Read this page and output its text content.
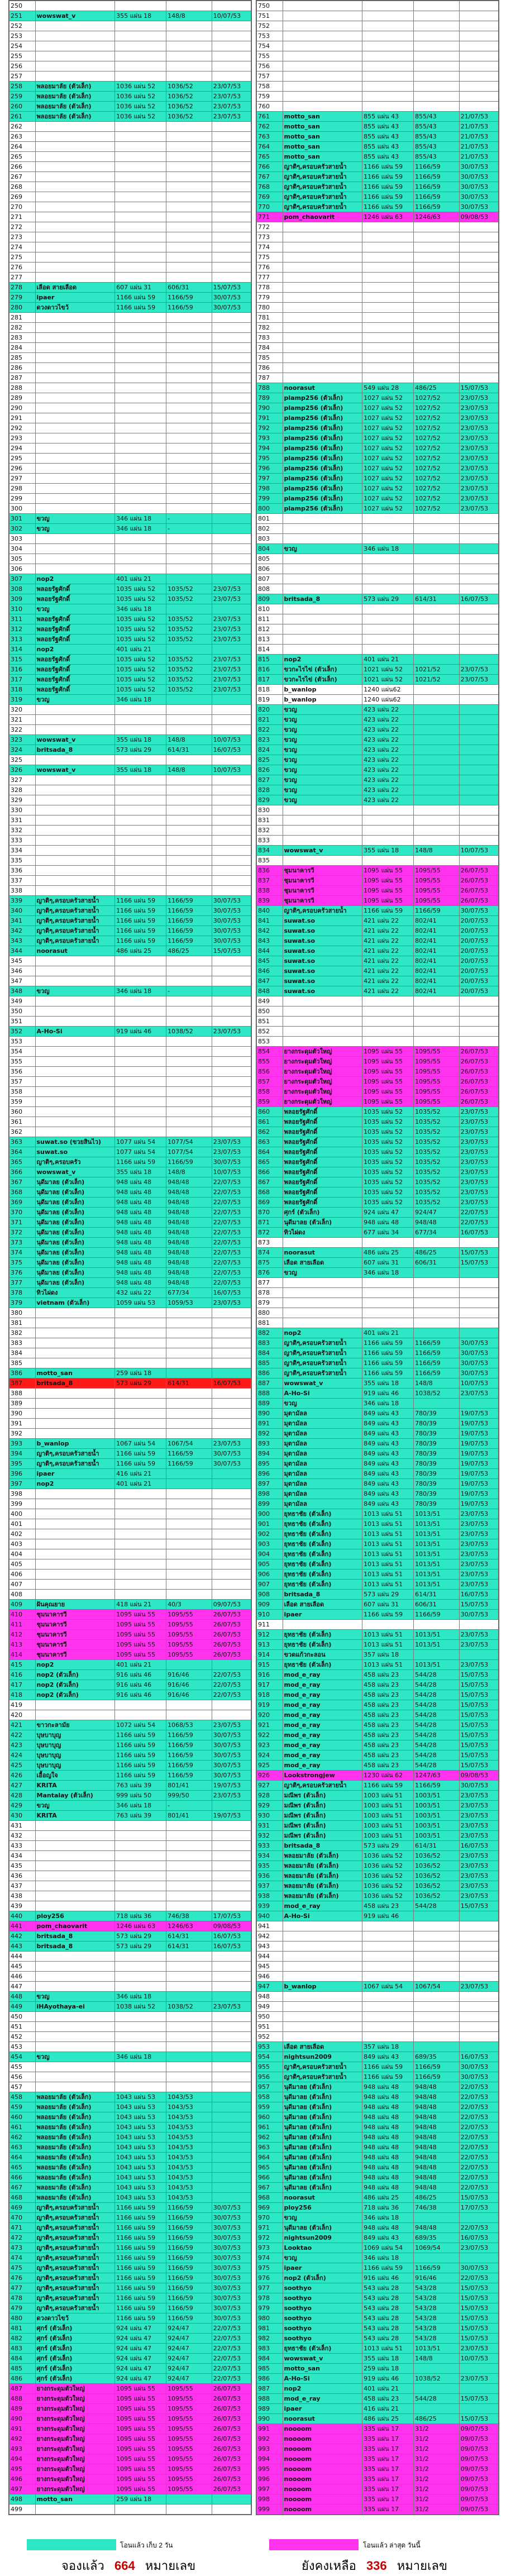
250				
251	wowswat_v	355 แผ่น 18	148/8	10/07/53
252				
253				
254				
255				
256				
257				
258	พลอยมาลัย (ตัวเล็ก)	1036 แผ่น 52	1036/52	23/07/53
259	พลอยมาลัย (ตัวเล็ก)	1036 แผ่น 52	1036/52	23/07/53
260	พลอยมาลัย (ตัวเล็ก)	1036 แผ่น 52	1036/52	23/07/53
261	พลอยมาลัย (ตัวเล็ก)	1036 แผ่น 52	1036/52	23/07/53
262				
263				
264				
265				
266				
267				
268				
269				
270				
271				
272				
273				
274				
275				
276				
277				
278	เลือด สายเลือด	607 แผ่น 31	606/31	15/07/53
279	ipaer	1166 แผ่น 59	1166/59	30/07/53
280	ดวงดาวไขว้	1166 แผ่น 59	1166/59	30/07/53
281				
282				
283				
284				
285				
286				
287				
288				
289				
290				
291				
292				
293				
294				
295				
296				
297				
298				
299				
300				
301	ขวญ	346 แผ่น 18	-	
302	ขวญ	346 แผ่น 18	-	
303				
304				
305				
306				
307	nop2	401 แผ่น 21		
308	พลอยรัฐศักดิ์	1035 แผ่น 52	1035/52	23/07/53
309	พลอยรัฐศักดิ์	1035 แผ่น 52	1035/52	23/07/53
310	ขวญ	346 แผ่น 18		
311	พลอยรัฐศักดิ์	1035 แผ่น 52	1035/52	23/07/53
312	พลอยรัฐศักดิ์	1035 แผ่น 52	1035/52	23/07/53
313	พลอยรัฐศักดิ์	1035 แผ่น 52	1035/52	23/07/53
314	nop2	401 แผ่น 21		
315	พลอยรัฐศักดิ์	1035 แผ่น 52	1035/52	23/07/53
316	พลอยรัฐศักดิ์	1035 แผ่น 52	1035/52	23/07/53
317	พลอยรัฐศักดิ์	1035 แผ่น 52	1035/52	23/07/53
318	พลอยรัฐศักดิ์	1035 แผ่น 52	1035/52	23/07/53
319	ขวญ	346 แผ่น 18		
320				
321				
322				
323	wowswat_v	355 แผ่น 18	148/8	10/07/53
324	britsada_8	573 แผ่น 29	614/31	16/07/53
325				
326	wowswat_v	355 แผ่น 18	148/8	10/07/53
327				
328				
329				
330				
331				
332				
333				
334				
335				
336				
337				
338				
339	ญาติๆ,ครอบครัวสายน้ำ	1166 แผ่น 59	1166/59	30/07/53
340	ญาติๆ,ครอบครัวสายน้ำ	1166 แผ่น 59	1166/59	30/07/53
341	ญาติๆ,ครอบครัวสายน้ำ	1166 แผ่น 59	1166/59	30/07/53
342	ญาติๆ,ครอบครัวสายน้ำ	1166 แผ่น 59	1166/59	30/07/53
343	ญาติๆ,ครอบครัวสายน้ำ	1166 แผ่น 59	1166/59	30/07/53
344	noorasut	486 แผ่น 25	486/25	15/07/53
345				
346				
347				
348	ขวญ	346 แผ่น 18	-	
349				
350				
351				
352	A-Ho-Si	919 แผ่น 46	1038/52	23/07/53
353				
354				
355				
356				
357				
358				
359				
360				
361				
362				
363	suwat.so (ขวยสินไว)	1077 แผ่น 54	1077/54	23/07/53
364	suwat.so	1077 แผ่น 54	1077/54	23/07/53
365	ญาติๆ,ครอบครัว	1166 แผ่น 59	1166/59	30/07/53
366	wowswat_v	355 แผ่น 18	148/8	10/07/53
367	นุดีมาลย (ตัวเล็ก)	948 แผ่น 48	948/48	22/07/53
368	นุดีมาลย (ตัวเล็ก)	948 แผ่น 48	948/48	22/07/53
369	นุดีมาลย (ตัวเล็ก)	948 แผ่น 48	948/48	22/07/53
370	นุดีมาลย (ตัวเล็ก)	948 แผ่น 48	948/48	22/07/53
371	นุดีมาลย (ตัวเล็ก)	948 แผ่น 48	948/48	22/07/53
372	นุดีมาลย (ตัวเล็ก)	948 แผ่น 48	948/48	22/07/53
373	นุดีมาลย (ตัวเล็ก)	948 แผ่น 48	948/48	22/07/53
374	นุดีมาลย (ตัวเล็ก)	948 แผ่น 48	948/48	22/07/53
375	นุดีมาลย (ตัวเล็ก)	948 แผ่น 48	948/48	22/07/53
376	นุดีมาลย (ตัวเล็ก)	948 แผ่น 48	948/48	22/07/53
377	นุดีมาลย (ตัวเล็ก)	948 แผ่น 48	948/48	22/07/53
378	ทิวไผ่ดง	432 แผ่น 22	677/34	16/07/53
379	vietnam (ตัวเล็ก)	1059 แผ่น 53	1059/53	23/07/53
380				
381				
382				
383				
384				
385				
386	motto_san	259 แผ่น 18		
387	britsada_8	573 แผ่น 29	614/31	16/07/53
388				
389				
390				
391				
392				
393	b_wanlop	1067 แผ่น 54	1067/54	23/07/53
394	ญาติๆ,ครอบครัวสายน้ำ	1166 แผ่น 59	1166/59	30/07/53
395	ญาติๆ,ครอบครัวสายน้ำ	1166 แผ่น 59	1166/59	30/07/53
396	ipaer	416 แผ่น 21		
397	nop2	401 แผ่น 21		
398				
399				
400				
401				
402				
403				
404				
405				
406				
407				
408				
409	ฝันคุณยาย	418 แผ่น 21	40/3	09/07/53
410	ชุมนาคารวี	1095 แผ่น 55	1095/55	26/07/53
411	ชุมนาคารวี	1095 แผ่น 55	1095/55	26/07/53
412	ชุมนาคารวี	1095 แผ่น 55	1095/55	26/07/53
413	ชุมนาคารวี	1095 แผ่น 55	1095/55	26/07/53
414	ชุมนาคารวี	1095 แผ่น 55	1095/55	26/07/53
415	nop2	401 แผ่น 21		
416	nop2 (ตัวเล็ก)	916 แผ่น 46	916/46	22/07/53
417	nop2 (ตัวเล็ก)	916 แผ่น 46	916/46	22/07/53
418	nop2 (ตัวเล็ก)	916 แผ่น 46	916/46	22/07/53
419				
420				
421	ขาวกะลามัย	1072 แผ่น 54	1068/53	23/07/53
422	บุษบาบุญ	1166 แผ่น 59	1166/59	30/07/53
423	บุษบาบุญ	1166 แผ่น 59	1166/59	30/07/53
424	บุษบาบุญ	1166 แผ่น 59	1166/59	30/07/53
425	บุษบาบุญ	1166 แผ่น 59	1166/59	30/07/53
426	เอื้อญใจ	1166 แผ่น 59	1166/59	30/07/53
427	KRITA	763 แผ่น 39	801/41	19/07/53
428	Mantalay (ตัวเล็ก)	999 แผ่น 50	999/50	23/07/53
429	ขวญ	346 แผ่น 18	-	
430	KRITA	763 แผ่น 39	801/41	19/07/53
431				
432				
433				
434				
435				
436				
437				
438				
439				
440	ploy256	718 แผ่น 36	746/38	17/07/53
441	pom_chaovarit	1246 แผ่น 63	1246/63	09/08/53
442	britsada_8	573 แผ่น 29	614/31	16/07/53
443	britsada_8	573 แผ่น 29	614/31	16/07/53
444				
445				
446				
447				
448	ขวญ	346 แผ่น 18		
449	iHAyothaya-ei	1038 แผ่น 52	1038/52	23/07/53
450				
451				
452				
453				
454	ขวญ	346 แผ่น 18		
455				
456				
457				
458	พลอยมาลัย (ตัวเล็ก)	1043 แผ่น 53	1043/53	
459	พลอยมาลัย (ตัวเล็ก)	1043 แผ่น 53	1043/53	
460	พลอยมาลัย (ตัวเล็ก)	1043 แผ่น 53	1043/53	
461	พลอยมาลัย (ตัวเล็ก)	1043 แผ่น 53	1043/53	
462	พลอยมาลัย (ตัวเล็ก)	1043 แผ่น 53	1043/53	
463	พลอยมาลัย (ตัวเล็ก)	1043 แผ่น 53	1043/53	
464	พลอยมาลัย (ตัวเล็ก)	1043 แผ่น 53	1043/53	
465	พลอยมาลัย (ตัวเล็ก)	1043 แผ่น 53	1043/53	
466	พลอยมาลัย (ตัวเล็ก)	1043 แผ่น 53	1043/53	
467	พลอยมาลัย (ตัวเล็ก)	1043 แผ่น 53	1043/53	
468	พลอยมาลัย (ตัวเล็ก)	1043 แผ่น 53	1043/53	
469	ญาติๆ,ครอบครัวสายน้ำ	1166 แผ่น 59	1166/59	30/07/53
470	ญาติๆ,ครอบครัวสายน้ำ	1166 แผ่น 59	1166/59	30/07/53
471	ญาติๆ,ครอบครัวสายน้ำ	1166 แผ่น 59	1166/59	30/07/53
472	ญาติๆ,ครอบครัวสายน้ำ	1166 แผ่น 59	1166/59	30/07/53
473	ญาติๆ,ครอบครัวสายน้ำ	1166 แผ่น 59	1166/59	30/07/53
474	ญาติๆ,ครอบครัวสายน้ำ	1166 แผ่น 59	1166/59	30/07/53
475	ญาติๆ,ครอบครัวสายน้ำ	1166 แผ่น 59	1166/59	30/07/53
476	ญาติๆ,ครอบครัวสายน้ำ	1166 แผ่น 59	1166/59	30/07/53
477	ญาติๆ,ครอบครัวสายน้ำ	1166 แผ่น 59	1166/59	30/07/53
478	ญาติๆ,ครอบครัวสายน้ำ	1166 แผ่น 59	1166/59	30/07/53
479	ญาติๆ,ครอบครัวสายน้ำ	1166 แผ่น 59	1166/59	30/07/53
480	ดวงดาวไขว้	1166 แผ่น 59	1166/59	30/07/53
481	ศุกร์ (ตัวเล็ก)	924 แผ่น 47	924/47	22/07/53
482	ศุกร์ (ตัวเล็ก)	924 แผ่น 47	924/47	22/07/53
483	ศุกร์ (ตัวเล็ก)	924 แผ่น 47	924/47	22/07/53
484	ศุกร์ (ตัวเล็ก)	924 แผ่น 47	924/47	22/07/53
485	ศุกร์ (ตัวเล็ก)	924 แผ่น 47	924/47	22/07/53
486	ศุกร์ (ตัวเล็ก)	924 แผ่น 47	924/47	22/07/53
487	ยางกระดุมตัวใหญ่	1095 แผ่น 55	1095/55	26/07/53
488	ยางกระดุมตัวใหญ่	1095 แผ่น 55	1095/55	26/07/53
489	ยางกระดุมตัวใหญ่	1095 แผ่น 55	1095/55	26/07/53
490	ยางกระดุมตัวใหญ่	1095 แผ่น 55	1095/55	26/07/53
491	ยางกระดุมตัวใหญ่	1095 แผ่น 55	1095/55	26/07/53
492	ยางกระดุมตัวใหญ่	1095 แผ่น 55	1095/55	26/07/53
493	ยางกระดุมตัวใหญ่	1095 แผ่น 55	1095/55	26/07/53
494	ยางกระดุมตัวใหญ่	1095 แผ่น 55	1095/55	26/07/53
495	ยางกระดุมตัวใหญ่	1095 แผ่น 55	1095/55	26/07/53
496	ยางกระดุมตัวใหญ่	1095 แผ่น 55	1095/55	26/07/53
497	ยางกระดุมตัวใหญ่	1095 แผ่น 55	1095/55	26/07/53
498	motto_san	259 แผ่น 18		
499				
750				
751				
752				
753				
754				
755				
756				
757				
758				
759				
760				
761	motto_san	855 แผ่น 43	855/43	21/07/53
762	motto_san	855 แผ่น 43	855/43	21/07/53
763	motto_san	855 แผ่น 43	855/43	21/07/53
764	motto_san	855 แผ่น 43	855/43	21/07/53
765	motto_san	855 แผ่น 43	855/43	21/07/53
766	ญาติๆ,ครอบครัวสายน้ำ	1166 แผ่น 59	1166/59	30/07/53
767	ญาติๆ,ครอบครัวสายน้ำ	1166 แผ่น 59	1166/59	30/07/53
768	ญาติๆ,ครอบครัวสายน้ำ	1166 แผ่น 59	1166/59	30/07/53
769	ญาติๆ,ครอบครัวสายน้ำ	1166 แผ่น 59	1166/59	30/07/53
770	ญาติๆ,ครอบครัวสายน้ำ	1166 แผ่น 59	1166/59	30/07/53
771	pom_chaovarit	1246 แผ่น 63	1246/63	09/08/53
772				
773				
774				
775				
776				
777				
778				
779				
780				
781				
782				
783				
784				
785				
786				
787				
788	noorasut	549 แผ่น 28	486/25	15/07/53
789	plamp256 (ตัวเล็ก)	1027 แผ่น 52	1027/52	23/07/53
790	plamp256 (ตัวเล็ก)	1027 แผ่น 52	1027/52	23/07/53
791	plamp256 (ตัวเล็ก)	1027 แผ่น 52	1027/52	23/07/53
792	plamp256 (ตัวเล็ก)	1027 แผ่น 52	1027/52	23/07/53
793	plamp256 (ตัวเล็ก)	1027 แผ่น 52	1027/52	23/07/53
794	plamp256 (ตัวเล็ก)	1027 แผ่น 52	1027/52	23/07/53
795	plamp256 (ตัวเล็ก)	1027 แผ่น 52	1027/52	23/07/53
796	plamp256 (ตัวเล็ก)	1027 แผ่น 52	1027/52	23/07/53
797	plamp256 (ตัวเล็ก)	1027 แผ่น 52	1027/52	23/07/53
798	plamp256 (ตัวเล็ก)	1027 แผ่น 52	1027/52	23/07/53
799	plamp256 (ตัวเล็ก)	1027 แผ่น 52	1027/52	23/07/53
800	plamp256 (ตัวเล็ก)	1027 แผ่น 52	1027/52	23/07/53
801				
802				
803				
804	ขวญ	346 แผ่น 18		
805				
806				
807				
808				
809	britsada_8	573 แผ่น 29	614/31	16/07/53
810				
811				
812				
813				
814				
815	nop2	401 แผ่น 21		
816	ขวกะไรไข่ (ตัวเล็ก)	1021 แผ่น 52	1021/52	23/07/53
817	ขวกะไรไข่ (ตัวเล็ก)	1021 แผ่น 52	1021/52	23/07/53
818	b_wanlop	1240 แผ่น62		
819	b_wanlop	1240 แผ่น62		
820	ขวญ	423 แผ่น 22		
821	ขวญ	423 แผ่น 22		
822	ขวญ	423 แผ่น 22		
823	ขวญ	423 แผ่น 22		
824	ขวญ	423 แผ่น 22		
825	ขวญ	423 แผ่น 22		
826	ขวญ	423 แผ่น 22		
827	ขวญ	423 แผ่น 22		
828	ขวญ	423 แผ่น 22		
829	ขวญ	423 แผ่น 22		
830				
831				
832				
833				
834	wowswat_v	355 แผ่น 18	148/8	10/07/53
835				
836	ชุมนาคารวี	1095 แผ่น 55	1095/55	26/07/53
837	ชุมนาคารวี	1095 แผ่น 55	1095/55	26/07/53
838	ชุมนาคารวี	1095 แผ่น 55	1095/55	26/07/53
839	ชุมนาคารวี	1095 แผ่น 55	1095/55	26/07/53
840	ญาติๆ,ครอบครัวสายน้ำ	1166 แผ่น 59	1166/59	30/07/53
841	suwat.so	421 แผ่น 22	802/41	20/07/53
842	suwat.so	421 แผ่น 22	802/41	20/07/53
843	suwat.so	421 แผ่น 22	802/41	20/07/53
844	suwat.so	421 แผ่น 22	802/41	20/07/53
845	suwat.so	421 แผ่น 22	802/41	20/07/53
846	suwat.so	421 แผ่น 22	802/41	20/07/53
847	suwat.so	421 แผ่น 22	802/41	20/07/53
848	suwat.so	421 แผ่น 22	802/41	20/07/53
849				
850				
851				
852				
853				
854	ยางกระดุมตัวใหญ่	1095 แผ่น 55	1095/55	26/07/53
855	ยางกระดุมตัวใหญ่	1095 แผ่น 55	1095/55	26/07/53
856	ยางกระดุมตัวใหญ่	1095 แผ่น 55	1095/55	26/07/53
857	ยางกระดุมตัวใหญ่	1095 แผ่น 55	1095/55	26/07/53
858	ยางกระดุมตัวใหญ่	1095 แผ่น 55	1095/55	26/07/53
859	ยางกระดุมตัวใหญ่	1095 แผ่น 55	1095/55	26/07/53
860	พลอยรัฐศักดิ์	1035 แผ่น 52	1035/52	23/07/53
861	พลอยรัฐศักดิ์	1035 แผ่น 52	1035/52	23/07/53
862	พลอยรัฐศักดิ์	1035 แผ่น 52	1035/52	23/07/53
863	พลอยรัฐศักดิ์	1035 แผ่น 52	1035/52	23/07/53
864	พลอยรัฐศักดิ์	1035 แผ่น 52	1035/52	23/07/53
865	พลอยรัฐศักดิ์	1035 แผ่น 52	1035/52	23/07/53
866	พลอยรัฐศักดิ์	1035 แผ่น 52	1035/52	23/07/53
867	พลอยรัฐศักดิ์	1035 แผ่น 52	1035/52	23/07/53
868	พลอยรัฐศักดิ์	1035 แผ่น 52	1035/52	23/07/53
869	พลอยรัฐศักดิ์	1035 แผ่น 52	1035/52	23/07/53
870	ศุกร์ (ตัวเล็ก)	924 แผ่น 47	924/47	22/07/53
871	นุดีมาลย (ตัวเล็ก)	948 แผ่น 48	948/48	22/07/53
872	ทิวไผ่ดง	677 แผ่น 34	677/34	16/07/53
873				
874	noorasut	486 แผ่น 25	486/25	15/07/53
875	เลือด สายเลือด	607 แผ่น 31	606/31	15/07/53
876	ขวญ	346 แผ่น 18		
877				
878				
879				
880				
881				
882	nop2	401 แผ่น 21		
883	ญาติๆ,ครอบครัวสายน้ำ	1166 แผ่น 59	1166/59	30/07/53
884	ญาติๆ,ครอบครัวสายน้ำ	1166 แผ่น 59	1166/59	30/07/53
885	ญาติๆ,ครอบครัวสายน้ำ	1166 แผ่น 59	1166/59	30/07/53
886	ญาติๆ,ครอบครัวสายน้ำ	1166 แผ่น 59	1166/59	30/07/53
887	wowswat_v	355 แผ่น 18	148/8	10/07/53
888	A-Ho-Si	919 แผ่น 46	1038/52	23/07/53
889	ขวญ	346 แผ่น 18		
890	มุตามัลล	849 แผ่น 43	780/39	19/07/53
891	มุตามัลล	849 แผ่น 43	780/39	19/07/53
892	มุตามัลล	849 แผ่น 43	780/39	19/07/53
893	มุตามัลล	849 แผ่น 43	780/39	19/07/53
894	มุตามัลล	849 แผ่น 43	780/39	19/07/53
895	มุตามัลล	849 แผ่น 43	780/39	19/07/53
896	มุตามัลล	849 แผ่น 43	780/39	19/07/53
897	มุตามัลล	849 แผ่น 43	780/39	19/07/53
898	มุตามัลล	849 แผ่น 43	780/39	19/07/53
899	มุตามัลล	849 แผ่น 43	780/39	19/07/53
900	ยุทธาชัย (ตัวเล็ก)	1013 แผ่น 51	1013/51	23/07/53
901	ยุทธาชัย (ตัวเล็ก)	1013 แผ่น 51	1013/51	23/07/53
902	ยุทธาชัย (ตัวเล็ก)	1013 แผ่น 51	1013/51	23/07/53
903	ยุทธาชัย (ตัวเล็ก)	1013 แผ่น 51	1013/51	23/07/53
904	ยุทธาชัย (ตัวเล็ก)	1013 แผ่น 51	1013/51	23/07/53
905	ยุทธาชัย (ตัวเล็ก)	1013 แผ่น 51	1013/51	23/07/53
906	ยุทธาชัย (ตัวเล็ก)	1013 แผ่น 51	1013/51	23/07/53
907	ยุทธาชัย (ตัวเล็ก)	1013 แผ่น 51	1013/51	23/07/53
908	britsada_8	573 แผ่น 29	614/31	16/07/53
909	เลือด สายเลือด	607 แผ่น 31	606/31	15/07/53
910	ipaer	1166 แผ่น 59	1166/59	30/07/53
911				
912	ยุทธาชัย (ตัวเล็ก)	1013 แผ่น 51	1013/51	23/07/53
913	ยุทธาชัย (ตัวเล็ก)	1013 แผ่น 51	1013/51	23/07/53
914	ขวดแก้วกะลอน	357 แผ่น 18		
915	ยุทธาชัย (ตัวเล็ก)	1013 แผ่น 51	1013/51	23/07/53
916	mod_e_ray	458 แผ่น 23	544/28	15/07/53
917	mod_e_ray	458 แผ่น 23	544/28	15/07/53
918	mod_e_ray	458 แผ่น 23	544/28	15/07/53
919	mod_e_ray	458 แผ่น 23	544/28	15/07/53
920	mod_e_ray	458 แผ่น 23	544/28	15/07/53
921	mod_e_ray	458 แผ่น 23	544/28	15/07/53
922	mod_e_ray	458 แผ่น 23	544/28	15/07/53
923	mod_e_ray	458 แผ่น 23	544/28	15/07/53
924	mod_e_ray	458 แผ่น 23	544/28	15/07/53
925	mod_e_ray	458 แผ่น 23	544/28	15/07/53
926	Lookstrongjew	1230 แผ่น 62	1247/63	09/08/53
927	ญาติๆ,ครอบครัวสายน้ำ	1166 แผ่น 59	1166/59	30/07/53
928	มณีพร (ตัวเล็ก)	1003 แผ่น 51	1003/51	23/07/53
929	มณีพร (ตัวเล็ก)	1003 แผ่น 51	1003/51	23/07/53
930	มณีพร (ตัวเล็ก)	1003 แผ่น 51	1003/51	23/07/53
931	มณีพร (ตัวเล็ก)	1003 แผ่น 51	1003/51	23/07/53
932	มณีพร (ตัวเล็ก)	1003 แผ่น 51	1003/51	23/07/53
933	britsada_8	573 แผ่น 29	614/31	16/07/53
934	พลอยมาลัย (ตัวเล็ก)	1036 แผ่น 52	1036/52	23/07/53
935	พลอยมาลัย (ตัวเล็ก)	1036 แผ่น 52	1036/52	23/07/53
936	พลอยมาลัย (ตัวเล็ก)	1036 แผ่น 52	1036/52	23/07/53
937	พลอยมาลัย (ตัวเล็ก)	1036 แผ่น 52	1036/52	23/07/53
938	พลอยมาลัย (ตัวเล็ก)	1036 แผ่น 52	1036/52	23/07/53
939	mod_e_ray	458 แผ่น 23	544/28	15/07/53
940	A-Ho-Si	919 แผ่น 46		
941				
942				
943				
944				
945				
946				
947	b_wanlop	1067 แผ่น 54	1067/54	23/07/53
948				
949				
950				
951				
952				
953	เลือด สายเลือด	357 แผ่น 18		
954	nightsun2009	849 แผ่น 43	689/35	16/07/53
955	ญาติๆ,ครอบครัวสายน้ำ	1166 แผ่น 59	1166/59	30/07/53
956	ญาติๆ,ครอบครัวสายน้ำ	1166 แผ่น 59	1166/59	30/07/53
957	นุดีมาลย (ตัวเล็ก)	948 แผ่น 48	948/48	22/07/53
958	นุดีมาลย (ตัวเล็ก)	948 แผ่น 48	948/48	22/07/53
959	นุดีมาลย (ตัวเล็ก)	948 แผ่น 48	948/48	22/07/53
960	นุดีมาลย (ตัวเล็ก)	948 แผ่น 48	948/48	22/07/53
961	นุดีมาลย (ตัวเล็ก)	948 แผ่น 48	948/48	22/07/53
962	นุดีมาลย (ตัวเล็ก)	948 แผ่น 48	948/48	22/07/53
963	นุดีมาลย (ตัวเล็ก)	948 แผ่น 48	948/48	22/07/53
964	นุดีมาลย (ตัวเล็ก)	948 แผ่น 48	948/48	22/07/53
965	นุดีมาลย (ตัวเล็ก)	948 แผ่น 48	948/48	22/07/53
966	นุดีมาลย (ตัวเล็ก)	948 แผ่น 48	948/48	22/07/53
967	นุดีมาลย (ตัวเล็ก)	948 แผ่น 48	948/48	22/07/53
968	noorasut	486 แผ่น 25	486/25	15/07/53
969	ploy256	718 แผ่น 36	746/38	17/07/53
970	ขวญ	346 แผ่น 18		
971	นุดีมาลย (ตัวเล็ก)	948 แผ่น 48	948/48	22/07/53
972	nightsun2009	849 แผ่น 43	689/35	16/07/53
973	Looktao	1069 แผ่น 54	1069/54	23/07/53
974	ขวญ	346 แผ่น 18		
975	ipaer	1166 แผ่น 59	1166/59	30/07/53
976	nop2 (ตัวเล็ก)	916 แผ่น 46	916/46	22/07/53
977	soothyo	543 แผ่น 28	543/28	15/07/53
978	soothyo	543 แผ่น 28	543/28	15/07/53
979	soothyo	543 แผ่น 28	543/28	15/07/53
980	soothyo	543 แผ่น 28	543/28	15/07/53
981	soothyo	543 แผ่น 28	543/28	15/07/53
982	soothyo	543 แผ่น 28	543/28	15/07/53
983	ยุทธาชัย (ตัวเล็ก)	1013 แผ่น 51	1013/51	23/07/53
984	wowswat_v	355 แผ่น 18	148/8	10/07/53
985	motto_san	259 แผ่น 18		
986	A-Ho-Si	919 แผ่น 46	1038/52	23/07/53
987	nop2	401 แผ่น 21		
988	mod_e_ray	458 แผ่น 23	544/28	15/07/53
989	ipaer	416 แผ่น 21		
990	noorasut	486 แผ่น 25	486/25	15/07/53
991	noooom	335 แผ่น 17	31/2	09/07/53
992	noooom	335 แผ่น 17	31/2	09/07/53
993	noooom	335 แผ่น 17	31/2	09/07/53
994	noooom	335 แผ่น 17	31/2	09/07/53
995	noooom	335 แผ่น 17	31/2	09/07/53
996	noooom	335 แผ่น 17	31/2	09/07/53
997	noooom	335 แผ่น 17	31/2	09/07/53
998	noooom	335 แผ่น 17	31/2	09/07/53
999	noooom	335 แผ่น 17	31/2	09/07/53
โอนแล้ว เก็บ 2 วัน	โอนแล้ว ล่าสุด วันนี้
จองแล้ว 664 หมายเลข	ยังคงเหลือ 336 หมายเลข
